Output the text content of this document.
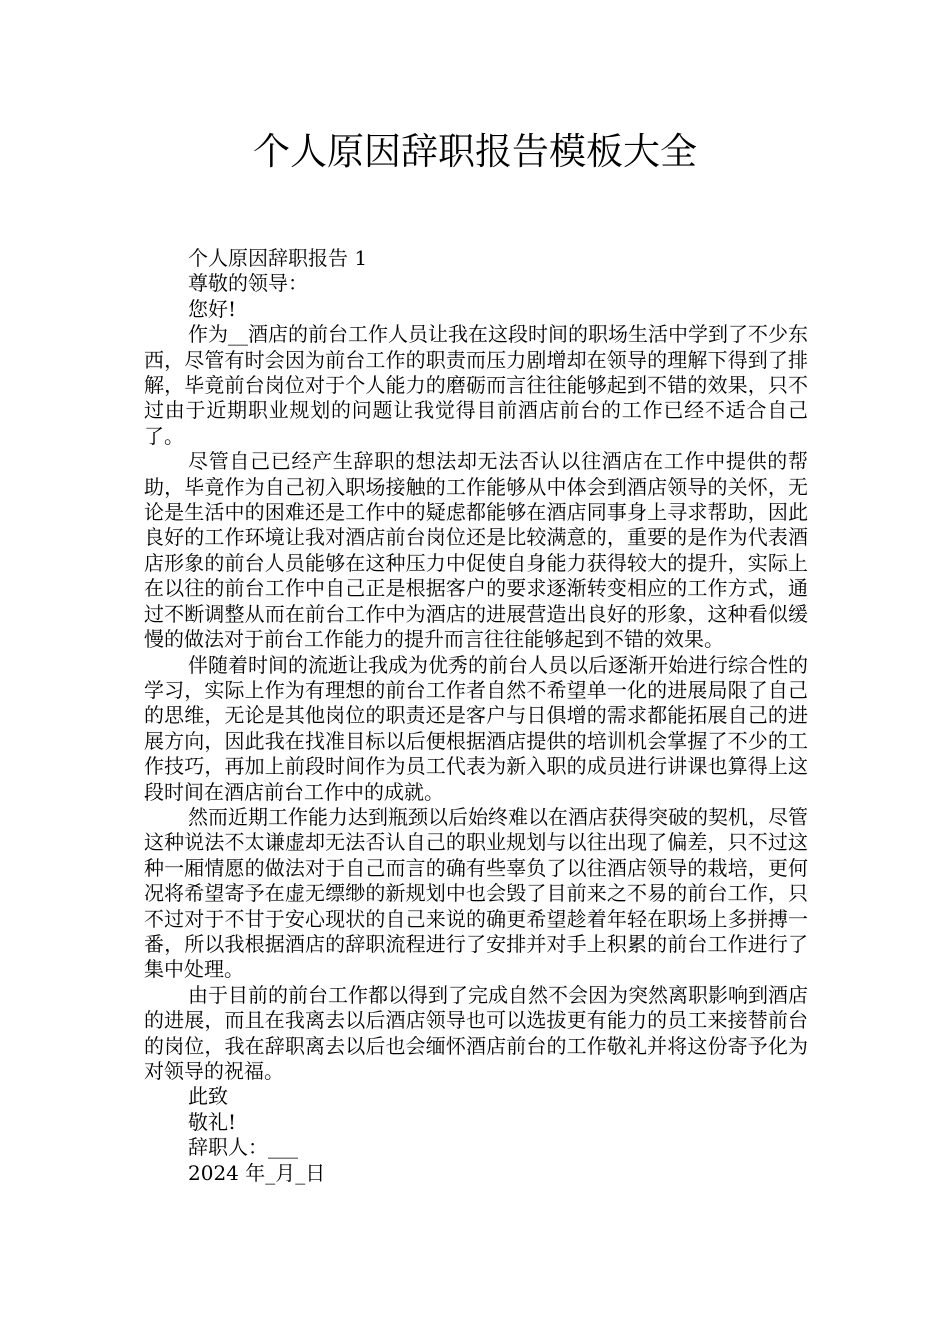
个人原因辞职报告模板大全

个人原因辞职报告 1

尊敬的领导：

您好!

作为__酒店的前台工作人员让我在这段时间的职场生活中学到了不少东西，尽管有时会因为前台工作的职责而压力剧增却在领导的理解下得到了排解，毕竟前台岗位对于个人能力的磨砺而言往往能够起到不错的效果，只不过由于近期职业规划的问题让我觉得目前酒店前台的工作已经不适合自己了。

尽管自己已经产生辞职的想法却无法否认以往酒店在工作中提供的帮助，毕竟作为自己初入职场接触的工作能够从中体会到酒店领导的关怀，无论是生活中的困难还是工作中的疑虑都能够在酒店同事身上寻求帮助，因此良好的工作环境让我对酒店前台岗位还是比较满意的，重要的是作为代表酒店形象的前台人员能够在这种压力中促使自身能力获得较大的提升，实际上在以往的前台工作中自己正是根据客户的要求逐渐转变相应的工作方式，通过不断调整从而在前台工作中为酒店的进展营造出良好的形象，这种看似缓慢的做法对于前台工作能力的提升而言往往能够起到不错的效果。

伴随着时间的流逝让我成为优秀的前台人员以后逐渐开始进行综合性的学习，实际上作为有理想的前台工作者自然不希望单一化的进展局限了自己的思维，无论是其他岗位的职责还是客户与日俱增的需求都能拓展自己的进展方向，因此我在找准目标以后便根据酒店提供的培训机会掌握了不少的工作技巧，再加上前段时间作为员工代表为新入职的成员进行讲课也算得上这段时间在酒店前台工作中的成就。

然而近期工作能力达到瓶颈以后始终难以在酒店获得突破的契机，尽管这种说法不太谦虚却无法否认自己的职业规划与以往出现了偏差，只不过这种一厢情愿的做法对于自己而言的确有些辜负了以往酒店领导的栽培，更何况将希望寄予在虚无缥缈的新规划中也会毁了目前来之不易的前台工作，只不过对于不甘于安心现状的自己来说的确更希望趁着年轻在职场上多拼搏一番，所以我根据酒店的辞职流程进行了安排并对手上积累的前台工作进行了集中处理。

由于目前的前台工作都以得到了完成自然不会因为突然离职影响到酒店的进展，而且在我离去以后酒店领导也可以选拔更有能力的员工来接替前台的岗位，我在辞职离去以后也会缅怀酒店前台的工作敬礼并将这份寄予化为对领导的祝福。

此致

敬礼!

辞职人：___

2024 年_月_日
